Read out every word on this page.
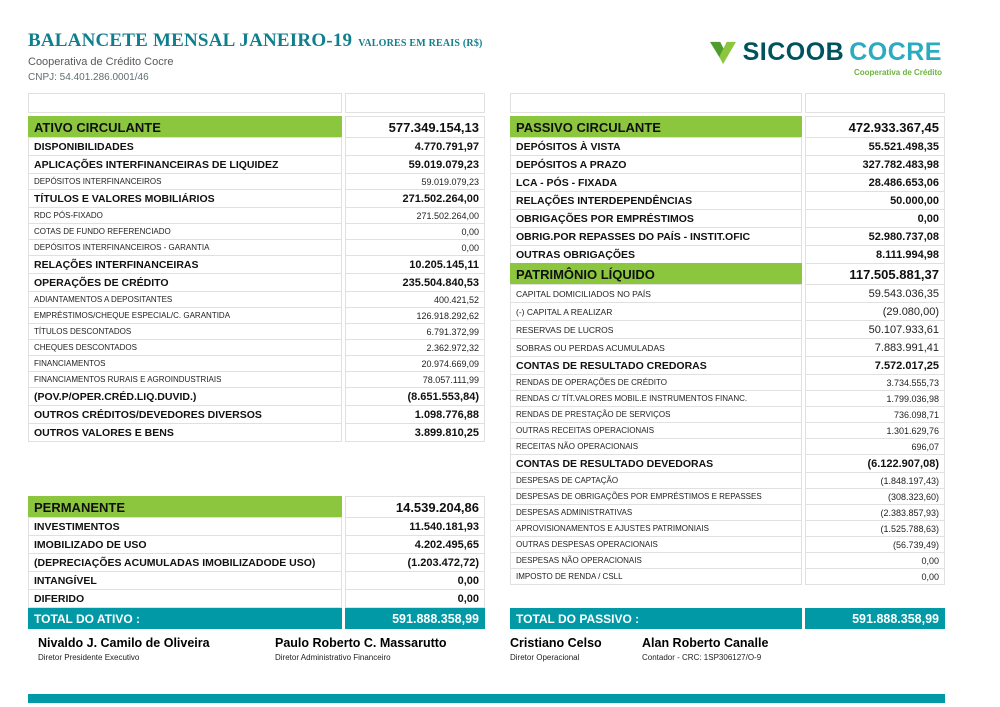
BALANCETE MENSAL JANEIRO-19 VALORES EM REAIS (R$)
Cooperativa de Crédito Cocre
CNPJ: 54.401.286.0001/46
SICOOB COCRE
Cooperativa de Crédito
ATIVO
ATIVO CIRCULANTE	577.349.154,13
DISPONIBILIDADES	4.770.791,97
APLICAÇÕES INTERFINANCEIRAS DE LIQUIDEZ	59.019.079,23
DEPÓSITOS INTERFINANCEIROS	59.019.079,23
TÍTULOS E VALORES MOBILIÁRIOS	271.502.264,00
RDC PÓS-FIXADO	271.502.264,00
COTAS DE FUNDO REFERENCIADO	0,00
DEPÓSITOS INTERFINANCEIROS - GARANTIA	0,00
RELAÇÕES INTERFINANCEIRAS	10.205.145,11
OPERAÇÕES DE CRÉDITO	235.504.840,53
ADIANTAMENTOS A DEPOSITANTES	400.421,52
EMPRÉSTIMOS/CHEQUE ESPECIAL/C. GARANTIDA	126.918.292,62
TÍTULOS DESCONTADOS	6.791.372,99
CHEQUES DESCONTADOS	2.362.972,32
FINANCIAMENTOS	20.974.669,09
FINANCIAMENTOS RURAIS E AGROINDUSTRIAIS	78.057.111,99
(POV.P/OPER.CRÉD.LIQ.DUVID.)	(8.651.553,84)
OUTROS CRÉDITOS/DEVEDORES DIVERSOS	1.098.776,88
OUTROS VALORES E BENS	3.899.810,25
PERMANENTE	14.539.204,86
INVESTIMENTOS	11.540.181,93
IMOBILIZADO DE USO	4.202.495,65
(DEPRECIAÇÕES ACUMULADAS IMOBILIZADODE USO)	(1.203.472,72)
INTANGÍVEL	0,00
DIFERIDO	0,00
TOTAL DO ATIVO :	591.888.358,99
PASSIVO
PASSIVO CIRCULANTE	472.933.367,45
DEPÓSITOS À VISTA	55.521.498,35
DEPÓSITOS A PRAZO	327.782.483,98
LCA - PÓS - FIXADA	28.486.653,06
RELAÇÕES INTERDEPENDÊNCIAS	50.000,00
OBRIGAÇÕES POR EMPRÉSTIMOS	0,00
OBRIG.POR REPASSES DO PAÍS - INSTIT.OFIC	52.980.737,08
OUTRAS OBRIGAÇÕES	8.111.994,98
PATRIMÔNIO LÍQUIDO	117.505.881,37
CAPITAL DOMICILIADOS NO PAÍS	59.543.036,35
(-) CAPITAL A REALIZAR	(29.080,00)
RESERVAS DE LUCROS	50.107.933,61
SOBRAS OU PERDAS ACUMULADAS	7.883.991,41
CONTAS DE RESULTADO CREDORAS	7.572.017,25
RENDAS DE OPERAÇÕES DE CRÉDITO	3.734.555,73
RENDAS C/ TÍT.VALORES MOBIL.E INSTRUMENTOS FINANC.	1.799.036,98
RENDAS DE PRESTAÇÃO DE SERVIÇOS	736.098,71
OUTRAS RECEITAS OPERACIONAIS	1.301.629,76
RECEITAS NÃO OPERACIONAIS	696,07
CONTAS DE RESULTADO DEVEDORAS	(6.122.907,08)
DESPESAS DE CAPTAÇÃO	(1.848.197,43)
DESPESAS DE OBRIGAÇÕES POR EMPRÉSTIMOS E REPASSES	(308.323,60)
DESPESAS ADMINISTRATIVAS	(2.383.857,93)
APROVISIONAMENTOS E AJUSTES PATRIMONIAIS	(1.525.788,63)
OUTRAS DESPESAS OPERACIONAIS	(56.739,49)
DESPESAS NÃO OPERACIONAIS	0,00
IMPOSTO DE RENDA / CSLL	0,00
TOTAL DO PASSIVO :	591.888.358,99
Nivaldo J. Camilo de Oliveira
Diretor Presidente Executivo
Paulo Roberto C. Massarutto
Diretor Administrativo Financeiro
Cristiano Celso
Diretor Operacional
Alan Roberto Canalle
Contador - CRC: 1SP306127/O-9
